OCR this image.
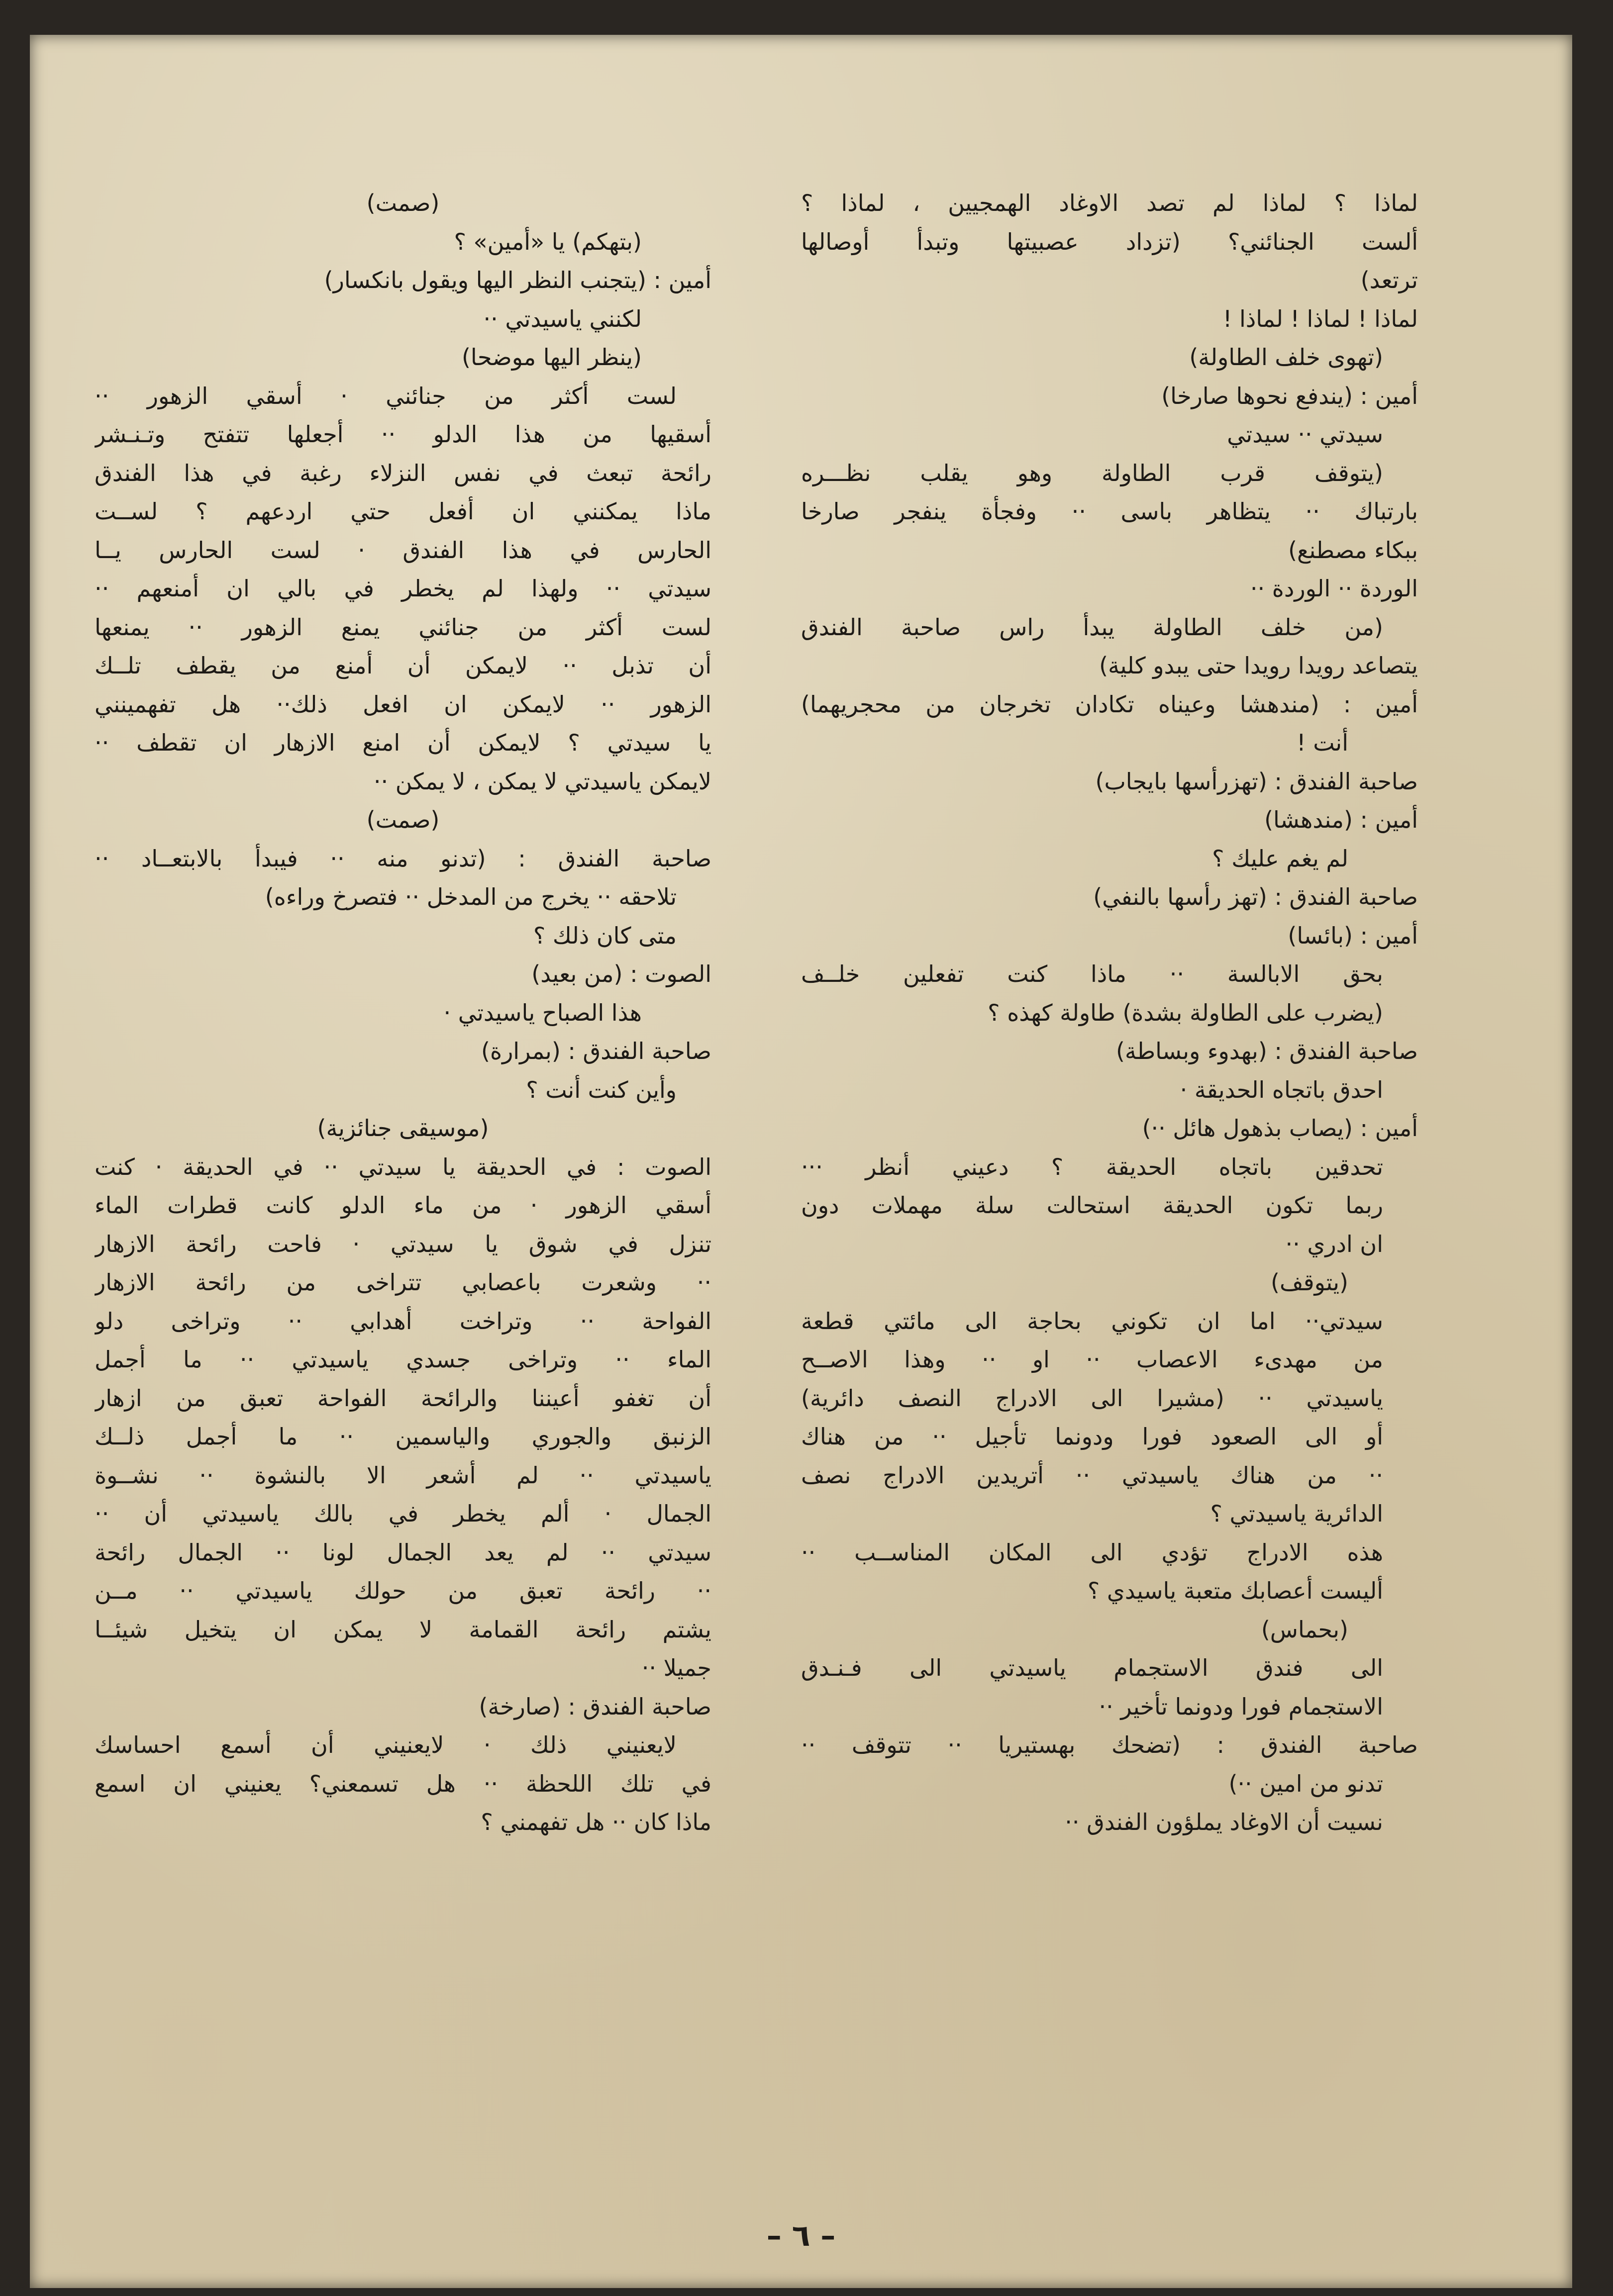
لماذا ؟ لماذا لم تصد الاوغاد الهمجيين ، لماذا ؟
ألست الجنائني؟ (تزداد عصبيتها وتبدأ أوصالها
ترتعد)
لماذا ! لماذا ! لماذا !
(تهوى خلف الطاولة)
أمين : (يندفع نحوها صارخا)
سيدتي ·· سيدتي
(يتوقف قرب الطاولة وهو يقلب نظـــره
بارتباك ·· يتظاهر باسى ·· وفجأة ينفجر صارخا
ببكاء مصطنع)
الوردة ·· الوردة ··
(من خلف الطاولة يبدأ راس صاحبة الفندق
يتصاعد رويدا رويدا حتى يبدو كلية)
أمين : (مندهشا وعيناه تكادان تخرجان من محجريهما)
أنت !
صاحبة الفندق : (تهزرأسها بايجاب)
أمين : (مندهشا)
لم يغم عليك ؟
صاحبة الفندق : (تهز رأسها بالنفي)
أمين : (بائسا)
بحق الابالسة ·· ماذا كنت تفعلين خلــف
(يضرب على الطاولة بشدة) طاولة كهذه ؟
صاحبة الفندق : (بهدوء وبساطة)
احدق باتجاه الحديقة ·
أمين : (يصاب بذهول هائل ··)
تحدقين باتجاه الحديقة ؟ دعيني أنظر ···
ربما تكون الحديقة استحالت سلة مهملات دون
ان ادري ··
(يتوقف)
سيدتي·· اما ان تكوني بحاجة الى مائتي قطعة
من مهدىء الاعصاب ·· او ·· وهذا الاصــح
ياسيدتي ·· (مشيرا الى الادراج النصف دائرية)
أو الى الصعود فورا ودونما تأجيل ·· من هناك
·· من هناك ياسيدتي ·· أتريدين الادراج نصف
الدائرية ياسيدتي ؟
هذه الادراج تؤدي الى المكان المناســب ··
أليست أعصابك متعبة ياسيدي ؟
(بحماس)
الى فندق الاستجمام ياسيدتي الى فـنـدق
الاستجمام فورا ودونما تأخير ··
صاحبة الفندق : (تضحك بهستيريا ·· تتوقف ··
تدنو من امين ··)
نسيت أن الاوغاد يملؤون الفندق ··
(صمت)
(بتهكم) يا «أمين» ؟
أمين : (يتجنب النظر اليها ويقول بانكسار)
لكنني ياسيدتي ··
(ينظر اليها موضحا)
لست أكثر من جنائني · أسقي الزهور ··
أسقيها من هذا الدلو ·· أجعلها تتفتح وتـنـشر
رائحة تبعث في نفس النزلاء رغبة في هذا الفندق
ماذا يمكنني ان أفعل حتي اردعهم ؟ لســت
الحارس في هذا الفندق · لست الحارس يــا
سيدتي ·· ولهذا لم يخطر في بالي ان أمنعهم ··
لست أكثر من جنائني يمنع الزهور ·· يمنعها
أن تذبل ·· لايمكن أن أمنع من يقطف تلــك
الزهور ·· لايمكن ان افعل ذلك·· هل تفهمينني
يا سيدتي ؟ لايمكن أن امنع الازهار ان تقطف ··
لايمكن ياسيدتي لا يمكن ، لا يمكن ··
(صمت)
صاحبة الفندق : (تدنو منه ·· فيبدأ بالابتعــاد ··
تلاحقه ·· يخرج من المدخل ·· فتصرخ وراءه)
متى كان ذلك ؟
الصوت : (من بعيد)
هذا الصباح ياسيدتي ·
صاحبة الفندق : (بمرارة)
وأين كنت أنت ؟
(موسيقى جنائزية)
الصوت : في الحديقة يا سيدتي ·· في الحديقة · كنت
أسقي الزهور · من ماء الدلو كانت قطرات الماء
تنزل في شوق يا سيدتي · فاحت رائحة الازهار
·· وشعرت باعصابي تتراخى من رائحة الازهار
الفواحة ·· وتراخت أهدابي ·· وتراخى دلو
الماء ·· وتراخى جسدي ياسيدتي ·· ما أجمل
أن تغفو أعيننا والرائحة الفواحة تعبق من ازهار
الزنبق والجوري والياسمين ·· ما أجمل ذلــك
ياسيدتي ·· لم أشعر الا بالنشوة ·· نشــوة
الجمال · ألم يخطر في بالك ياسيدتي أن ··
سيدتي ·· لم يعد الجمال لونا ·· الجمال رائحة
·· رائحة تعبق من حولك ياسيدتي ·· مــن
يشتم رائحة القمامة لا يمكن ان يتخيل شيئــا
جميلا ··
صاحبة الفندق : (صارخة)
لايعنيني ذلك · لايعنيني أن أسمع احساسك
في تلك اللحظة ·· هل تسمعني؟ يعنيني ان اسمع
ماذا كان ·· هل تفهمني ؟
– ٦ –
